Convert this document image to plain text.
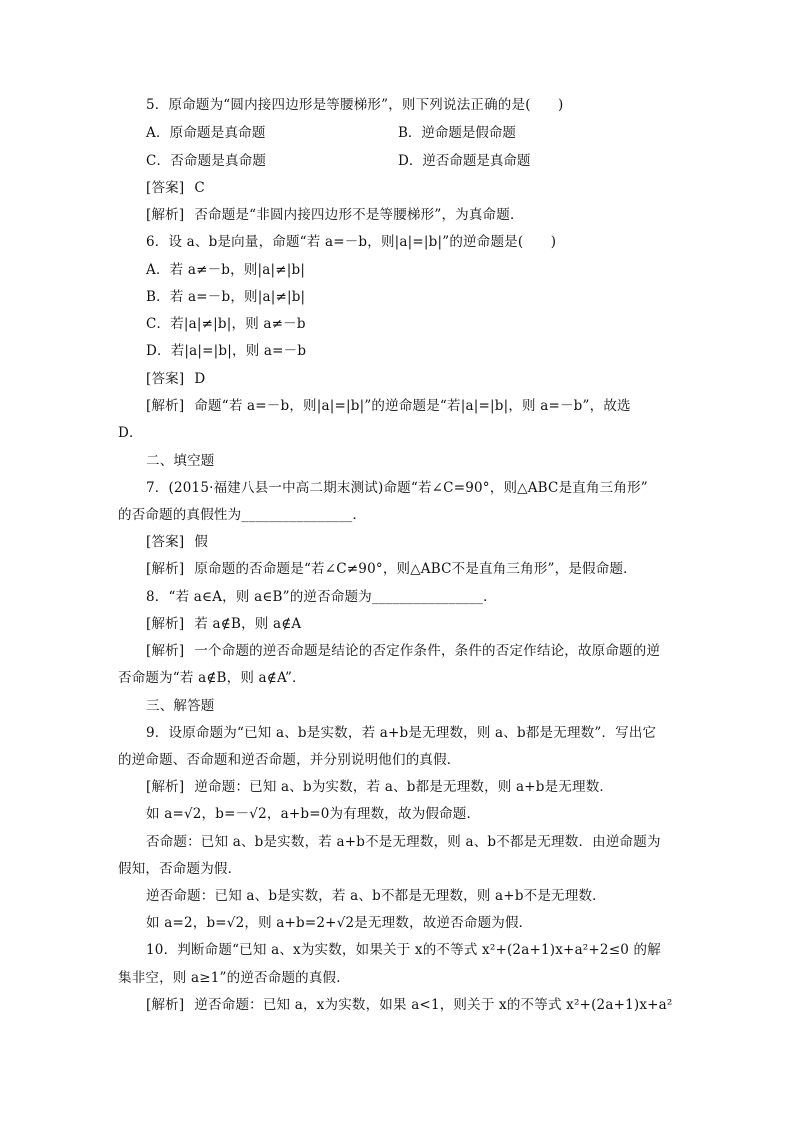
5．原命题为“圆内接四边形是等腰梯形”，则下列说法正确的是(　　)
A．原命题是真命题	B．逆命题是假命题
C．否命题是真命题	D．逆否命题是真命题
[答案] C
[解析] 否命题是“非圆内接四边形不是等腰梯形”，为真命题．
6．设 a、b是向量，命题“若 a=－b，则|a|=|b|”的逆命题是(　　)
A．若 a≠－b，则|a|≠|b|
B．若 a=－b，则|a|≠|b|
C．若|a|≠|b|，则 a≠－b
D．若|a|=|b|，则 a=－b
[答案] D
[解析] 命题“若 a=－b，则|a|=|b|”的逆命题是“若|a|=|b|，则 a=－b”，故选
D．
二、填空题
7．(2015·福建八县一中高二期末测试)命题“若∠C=90°，则△ABC是直角三角形”
的否命题的真假性为________________．
[答案] 假
[解析] 原命题的否命题是“若∠C≠90°，则△ABC不是直角三角形”，是假命题．
8．“若 a∈A，则 a∈B”的逆否命题为________________．
[解析] 若 a∉B，则 a∉A
[解析] 一个命题的逆否命题是结论的否定作条件，条件的否定作结论，故原命题的逆
否命题为“若 a∉B，则 a∉A”．
三、解答题
9．设原命题为“已知 a、b是实数，若 a+b是无理数，则 a、b都是无理数”．写出它
的逆命题、否命题和逆否命题，并分别说明他们的真假．
[解析] 逆命题：已知 a、b为实数，若 a、b都是无理数，则 a+b是无理数．
如 a=√2，b=－√2，a+b=0为有理数，故为假命题．
否命题：已知 a、b是实数，若 a+b不是无理数，则 a、b不都是无理数．由逆命题为
假知，否命题为假．
逆否命题：已知 a、b是实数，若 a、b不都是无理数，则 a+b不是无理数．
如 a=2，b=√2，则 a+b=2+√2是无理数，故逆否命题为假．
10．判断命题“已知 a、x为实数，如果关于 x的不等式 x²+(2a+1)x+a²+2≤0 的解
集非空，则 a≥1”的逆否命题的真假．
[解析] 逆否命题：已知 a，x为实数，如果 a<1，则关于 x的不等式 x²+(2a+1)x+a²
